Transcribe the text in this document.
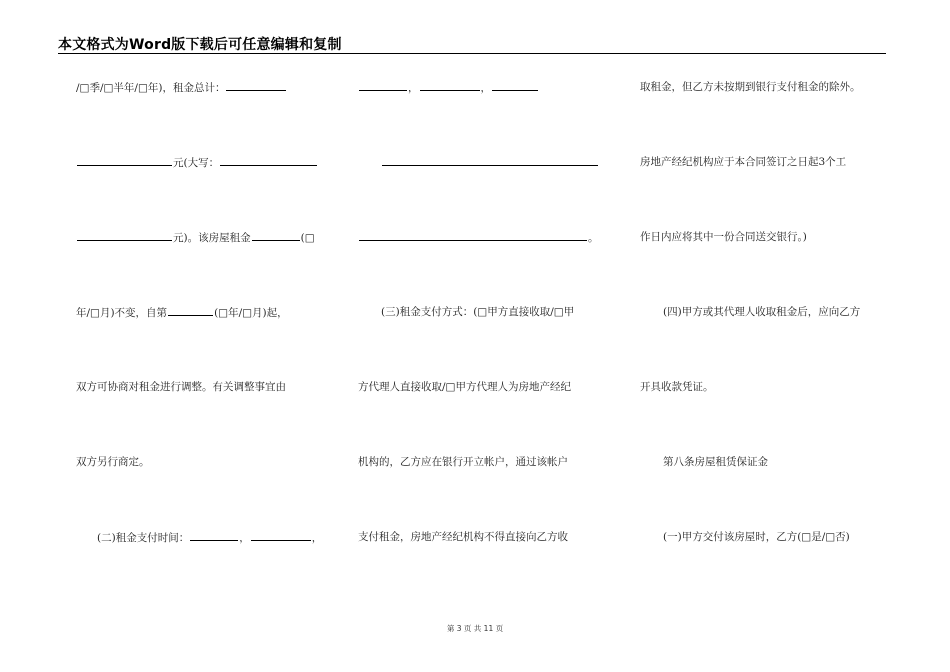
本文格式为Word版下载后可任意编辑和复制
/□季/□半年/□年)，租金总计：
元(大写：
元)。该房屋租金	(□
年/□月)不变，自第	(□年/□月)起，
双方可协商对租金进行调整。有关调整事宜由
双方另行商定。
(二)租金支付时间：	，	，
，	，
。
(三)租金支付方式：(□甲方直接收取/□甲
方代理人直接收取/□甲方代理人为房地产经纪
机构的，乙方应在银行开立帐户，通过该帐户
支付租金，房地产经纪机构不得直接向乙方收
取租金，但乙方未按期到银行支付租金的除外。
房地产经纪机构应于本合同签订之日起3个工
作日内应将其中一份合同送交银行。)
(四)甲方或其代理人收取租金后，应向乙方
开具收款凭证。
第八条房屋租赁保证金
(一)甲方交付该房屋时，乙方(□是/□否)
第 3 页 共 11 页
